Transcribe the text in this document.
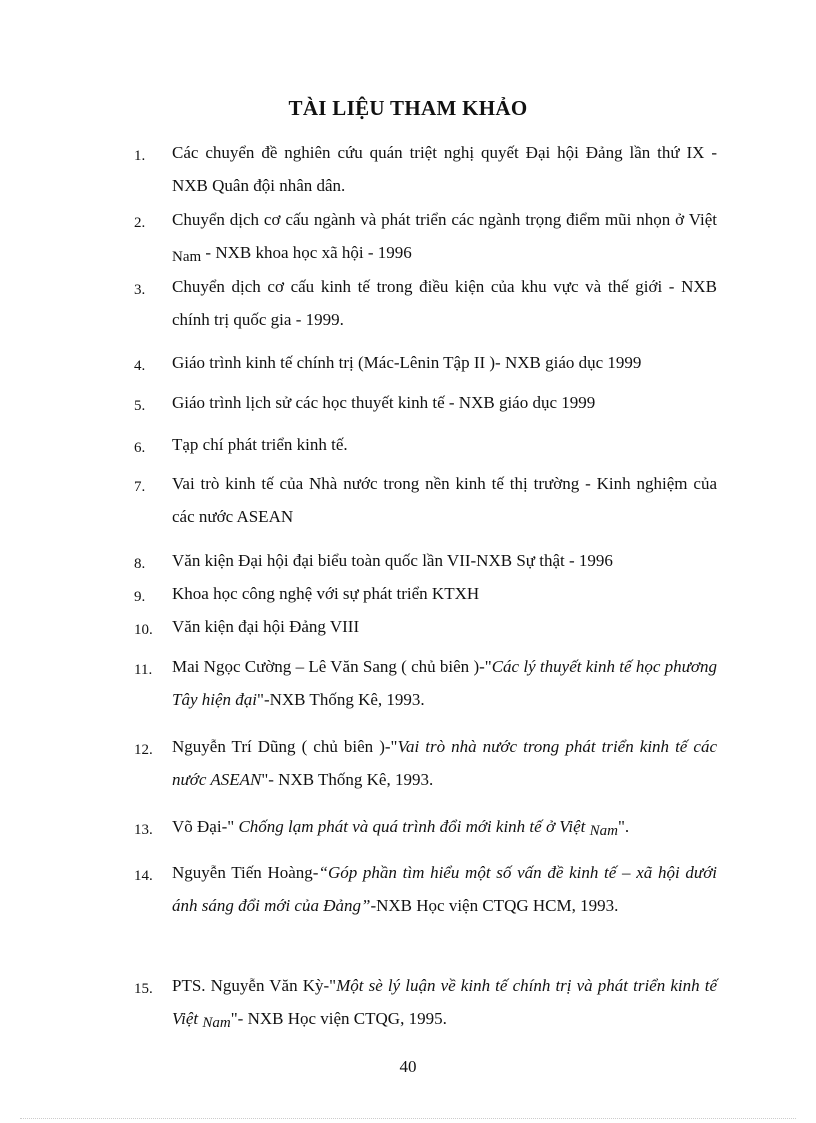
TÀI LIỆU THAM KHẢO
1. Các chuyển đề nghiên cứu quán triệt nghị quyết Đại hội Đảng lần thứ IX - NXB Quân đội nhân dân.
2. Chuyển dịch cơ cấu ngành và phát triển các ngành trọng điểm mũi nhọn ở Việt Nam - NXB khoa học xã hội - 1996
3. Chuyển dịch cơ cấu kinh tế trong điều kiện của khu vực và thế giới - NXB chính trị quốc gia - 1999.
4. Giáo trình kinh tế chính trị (Mác-Lênin Tập II )- NXB giáo dục 1999
5. Giáo trình lịch sử các học thuyết kinh tế - NXB giáo dục 1999
6. Tạp chí phát triển kinh tế.
7. Vai trò kinh tế của Nhà nước trong nền kinh tế thị trường - Kinh nghiệm của các nước ASEAN
8. Văn kiện Đại hội đại biểu toàn quốc lần VII-NXB Sự thật - 1996
9. Khoa học công nghệ với sự phát triển KTXH
10. Văn kiện đại hội Đảng VIII
11. Mai Ngọc Cường – Lê Văn Sang ( chủ biên )-"Các lý thuyết kinh tế học phương Tây hiện đại"-NXB Thống Kê, 1993.
12. Nguyễn Trí Dũng ( chủ biên )-"Vai trò nhà nước trong phát triển kinh tế các nước ASEAN"- NXB Thống Kê, 1993.
13. Võ Đại-" Chống lạm phát và quá trình đổi mới kinh tế ở Việt Nam".
14. Nguyễn Tiến Hoàng-“Góp phần tìm hiểu một số vấn đề kinh tế – xã hội dưới ánh sáng đổi mới của Đảng”-NXB Học viện CTQG HCM, 1993.
15. PTS. Nguyễn Văn Kỳ-"Một sè lý luận về kinh tế chính trị và phát triển kinh tế Việt Nam"- NXB Học viện CTQG, 1995.
40
